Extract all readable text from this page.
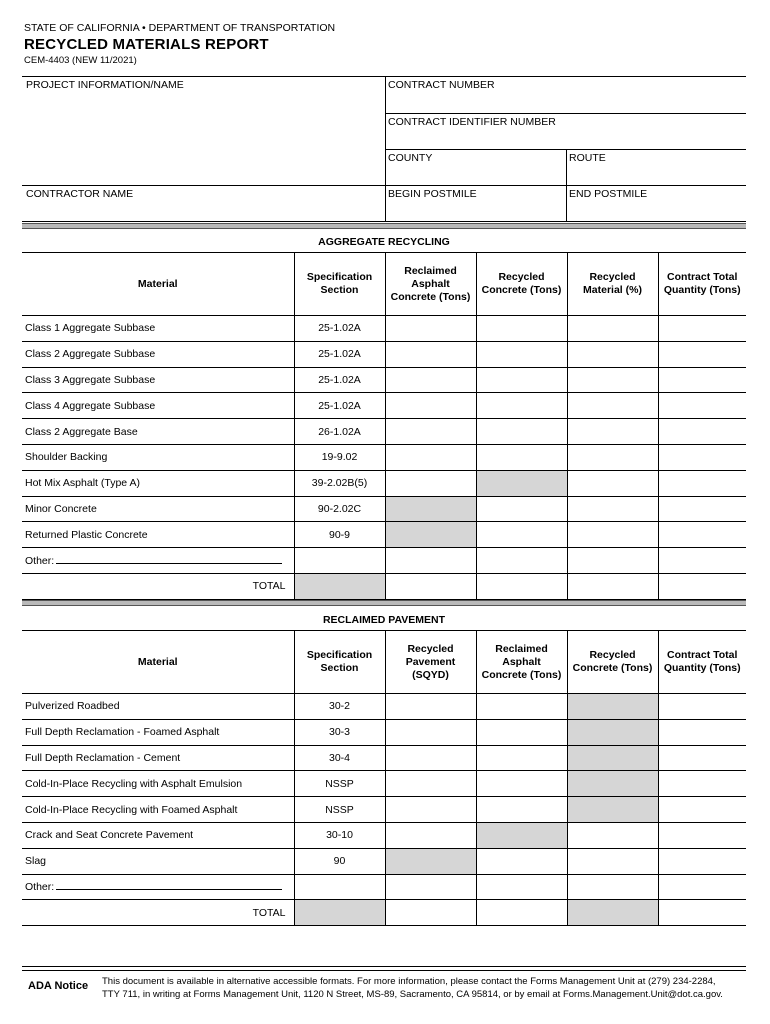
STATE OF CALIFORNIA • DEPARTMENT OF TRANSPORTATION
RECYCLED MATERIALS REPORT
CEM-4403 (NEW 11/2021)
PROJECT INFORMATION/NAME	CONTRACT NUMBER
CONTRACT IDENTIFIER NUMBER
COUNTY	ROUTE
CONTRACTOR NAME	BEGIN POSTMILE	END POSTMILE
AGGREGATE RECYCLING
Material	Specification Section	Reclaimed Asphalt Concrete (Tons)	Recycled Concrete (Tons)	Recycled Material (%)	Contract Total Quantity (Tons)
Class 1 Aggregate Subbase	25-1.02A				
Class 2 Aggregate Subbase	25-1.02A				
Class 3 Aggregate Subbase	25-1.02A				
Class 4 Aggregate Subbase	25-1.02A				
Class 2 Aggregate Base	26-1.02A				
Shoulder Backing	19-9.02				
Hot Mix Asphalt (Type A)	39-2.02B(5)				
Minor Concrete	90-2.02C				
Returned Plastic Concrete	90-9				
Other:					
TOTAL					
RECLAIMED PAVEMENT
Material	Specification Section	Recycled Pavement (SQYD)	Reclaimed Asphalt Concrete (Tons)	Recycled Concrete (Tons)	Contract Total Quantity (Tons)
Pulverized Roadbed	30-2				
Full Depth Reclamation - Foamed Asphalt	30-3				
Full Depth Reclamation - Cement	30-4				
Cold-In-Place Recycling with Asphalt Emulsion	NSSP				
Cold-In-Place Recycling with Foamed Asphalt	NSSP				
Crack and Seat Concrete Pavement	30-10				
Slag	90				
Other:					
TOTAL					
ADA Notice This document is available in alternative accessible formats. For more information, please contact the Forms Management Unit at (279) 234-2284,
TTY 711, in writing at Forms Management Unit, 1120 N Street, MS-89, Sacramento, CA 95814, or by email at Forms.Management.Unit@dot.ca.gov.
